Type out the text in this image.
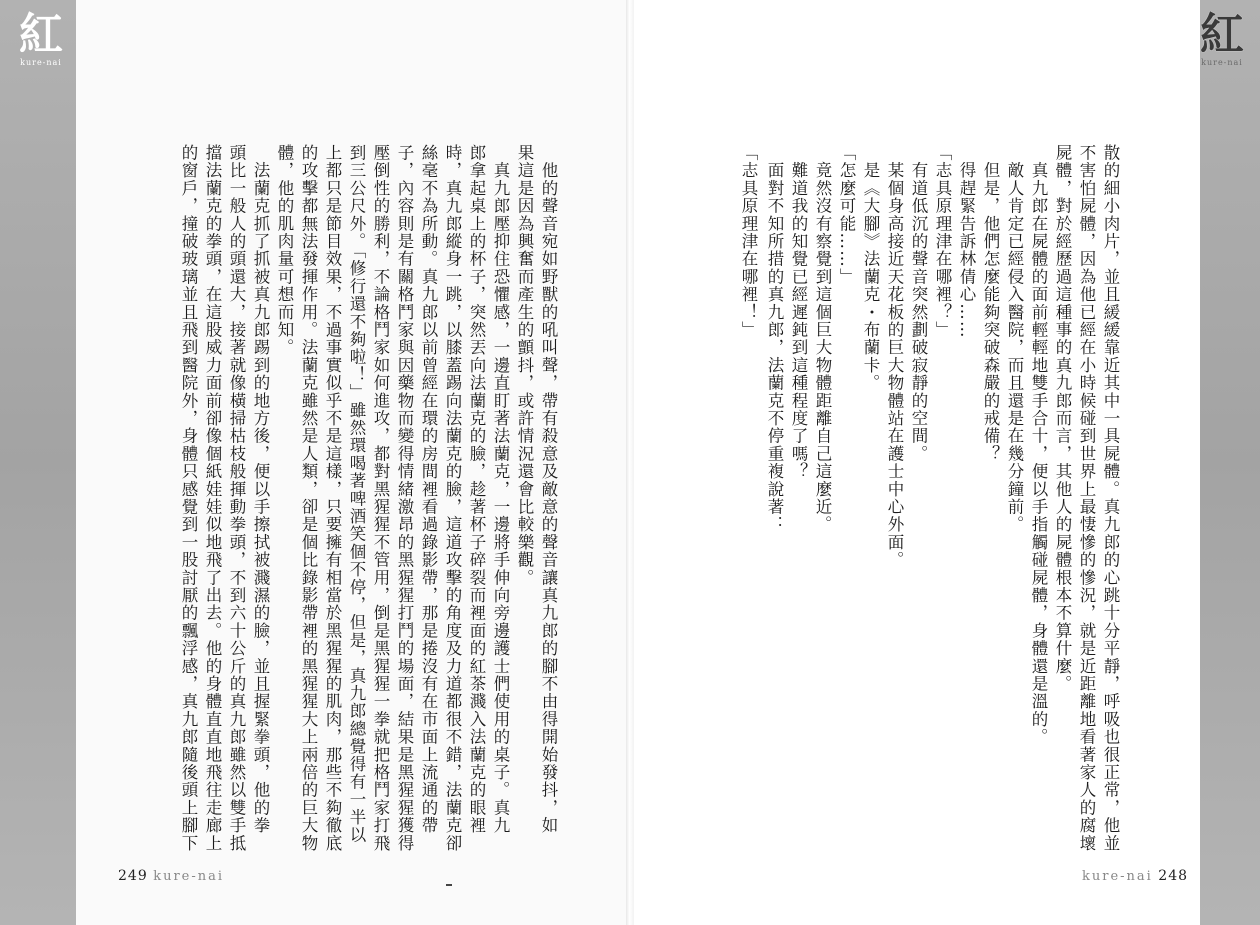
紅
kure-nai
紅
kure-nai
散的細小肉片，並且緩緩靠近其中一具屍體。真九郎的心跳十分平靜，呼吸也很正常，他並
不害怕屍體，因為他已經在小時候碰到世界上最悽慘的慘況，就是近距離地看著家人的腐壞
屍體，對於經歷過這種事的真九郎而言，其他人的屍體根本不算什麼。
　真九郎在屍體的面前輕輕地雙手合十，便以手指觸碰屍體，身體還是溫的。
　敵人肯定已經侵入醫院，而且還是在幾分鐘前。
　但是，他們怎麼能夠突破森嚴的戒備？
　得趕緊告訴林倩心……
「志具原理津在哪裡？」
　有道低沉的聲音突然劃破寂靜的空間。
　某個身高接近天花板的巨大物體站在護士中心外面。
　是《大腳》法蘭克・布蘭卡。
「怎麼可能……」
　竟然沒有察覺到這個巨大物體距離自己這麼近。
　難道我的知覺已經遲鈍到這種程度了嗎？
　面對不知所措的真九郎，法蘭克不停重複說著：
「志具原理津在哪裡！」
　他的聲音宛如野獸的吼叫聲，帶有殺意及敵意的聲音讓真九郎的腳不由得開始發抖，如
果這是因為興奮而產生的顫抖，或許情況還會比較樂觀。
　真九郎壓抑住恐懼感，一邊直盯著法蘭克，一邊將手伸向旁邊護士們使用的桌子。真九
郎拿起桌上的杯子，突然丟向法蘭克的臉，趁著杯子碎裂而裡面的紅茶濺入法蘭克的眼裡
時，真九郎縱身一跳，以膝蓋踢向法蘭克的臉，這道攻擊的角度及力道都很不錯，法蘭克卻
絲毫不為所動。真九郎以前曾經在環的房間裡看過錄影帶，那是捲沒有在市面上流通的帶
子，內容則是有關格鬥家與因藥物而變得情緒激昂的黑猩猩打鬥的場面，結果是黑猩猩獲得
壓倒性的勝利，不論格鬥家如何進攻，都對黑猩猩不管用，倒是黑猩猩一拳就把格鬥家打飛
到三公尺外。「修行還不夠啦！」雖然環喝著啤酒笑個不停，但是，真九郎總覺得有一半以
上都只是節目效果，不過事實似乎不是這樣，只要擁有相當於黑猩猩的肌肉，那些不夠徹底
的攻擊都無法發揮作用。法蘭克雖然是人類，卻是個比錄影帶裡的黑猩猩大上兩倍的巨大物
體，他的肌肉量可想而知。
　法蘭克抓了抓被真九郎踢到的地方後，便以手擦拭被濺濕的臉，並且握緊拳頭，他的拳
頭比一般人的頭還大，接著就像橫掃枯枝般揮動拳頭，不到六十公斤的真九郎雖然以雙手抵
擋法蘭克的拳頭，在這股威力面前卻像個紙娃娃似地飛了出去。他的身體直直地飛往走廊上
的窗戶，撞破玻璃並且飛到醫院外，身體只感覺到一股討厭的飄浮感，真九郎隨後頭上腳下
249 kure-nai	kure-nai 248
